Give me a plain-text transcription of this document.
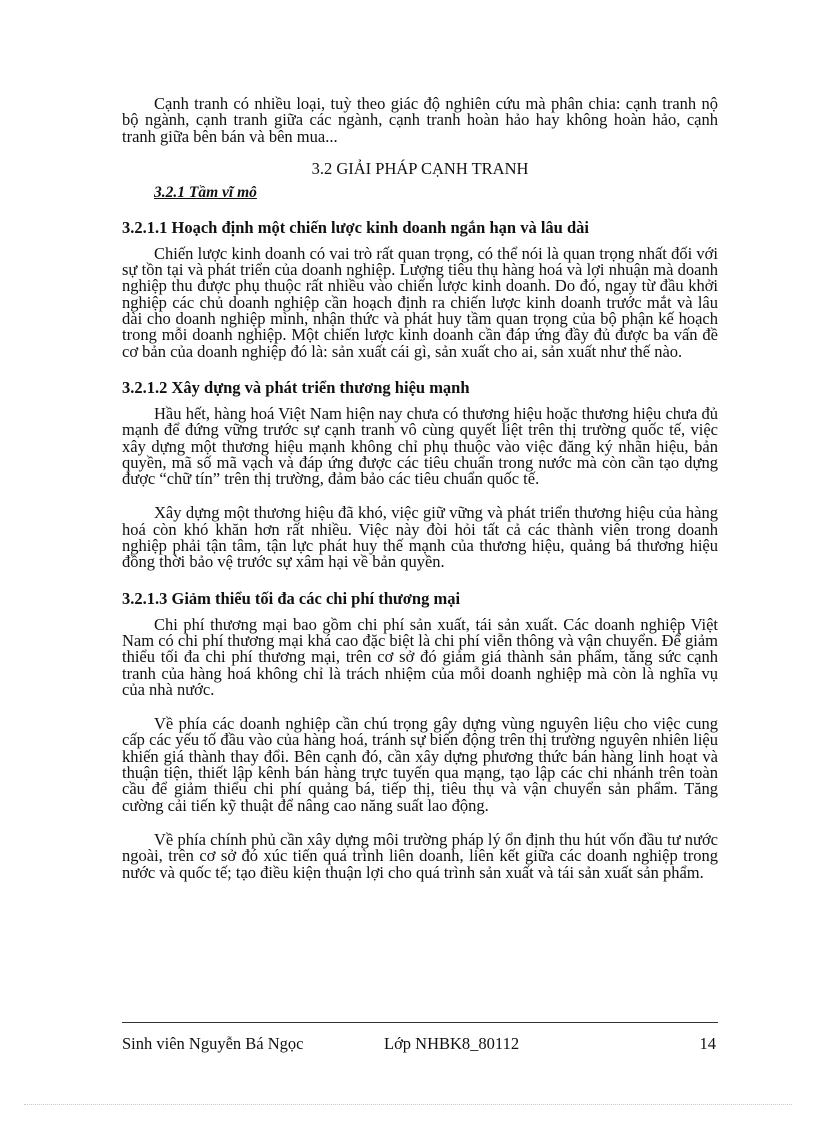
Cạnh tranh có nhiều loại, tuỳ theo giác độ nghiên cứu mà phân chia: cạnh tranh nộ bộ ngành, cạnh tranh giữa các ngành, cạnh tranh hoàn hảo hay không hoàn hảo, cạnh tranh giữa bên bán và bên mua...

3.2 GIẢI PHÁP CẠNH TRANH
3.2.1 Tầm vĩ mô
3.2.1.1 Hoạch định một chiến lược kinh doanh ngắn hạn và lâu dài

Chiến lược kinh doanh có vai trò rất quan trọng, có thể nói là quan trọng nhất đối với sự tồn tại và phát triển của doanh nghiệp. Lượng tiêu thụ hàng hoá và lợi nhuận mà doanh nghiệp thu được phụ thuộc rất nhiều vào chiến lược kinh doanh. Do đó, ngay từ đầu khởi nghiệp các chủ doanh nghiệp cần hoạch định ra chiến lược kinh doanh trước mắt và lâu dài cho doanh nghiệp mình, nhận thức và phát huy tầm quan trọng của bộ phận kế hoạch trong mỗi doanh nghiệp. Một chiến lược kinh doanh cần đáp ứng đầy đủ được ba vấn đề cơ bản của doanh nghiệp đó là: sản xuất cái gì, sản xuất cho ai, sản xuất như thế nào.

3.2.1.2 Xây dựng và phát triển thương hiệu mạnh

Hầu hết, hàng hoá Việt Nam hiện nay chưa có thương hiệu hoặc thương hiệu chưa đủ mạnh để đứng vững trước sự cạnh tranh vô cùng quyết liệt trên thị trường quốc tế, việc xây dựng một thương hiệu mạnh không chỉ phụ thuộc vào việc đăng ký nhãn hiệu, bản quyền, mã số mã vạch và đáp ứng được các tiêu chuẩn trong nước mà còn cần tạo dựng được “chữ tín” trên thị trường, đảm bảo các tiêu chuẩn quốc tế.

Xây dựng một thương hiệu đã khó, việc giữ vững và phát triển thương hiệu của hàng hoá còn khó khăn hơn rất nhiều. Việc này đòi hỏi tất cả các thành viên trong doanh nghiệp phải tận tâm, tận lực phát huy thế mạnh của thương hiệu, quảng bá thương hiệu đồng thời bảo vệ trước sự xâm hại về bản quyền.

3.2.1.3 Giảm thiểu tối đa các chi phí thương mại

Chi phí thương mại bao gồm chi phí sản xuất, tái sản xuất. Các doanh nghiệp Việt Nam có chi phí thương mại khá cao đặc biệt là chi phí viễn thông và vận chuyển. Để giảm thiểu tối đa chi phí thương mại, trên cơ sở đó giảm giá thành sản phẩm, tăng sức cạnh tranh của hàng hoá không chỉ là trách nhiệm của mỗi doanh nghiệp mà còn là nghĩa vụ của nhà nước.

Về phía các doanh nghiệp cần chú trọng gây dựng vùng nguyên liệu cho việc cung cấp các yếu tố đầu vào của hàng hoá, tránh sự biến động trên thị trường nguyên nhiên liệu khiến giá thành thay đổi. Bên cạnh đó, cần xây dựng phương thức bán hàng linh hoạt và thuận tiện, thiết lập kênh bán hàng trực tuyến qua mạng, tạo lập các chi nhánh trên toàn cầu để giảm thiểu chi phí quảng bá, tiếp thị, tiêu thụ và vận chuyển sản phẩm. Tăng cường cải tiến kỹ thuật để nâng cao năng suất lao động.

Về phía chính phủ cần xây dựng môi trường pháp lý ổn định thu hút vốn đầu tư nước ngoài, trên cơ sở đó xúc tiến quá trình liên doanh, liên kết giữa các doanh nghiệp trong nước và quốc tế; tạo điều kiện thuận lợi cho quá trình sản xuất và tái sản xuất sản phẩm.

Sinh viên Nguyễn Bá Ngọc	Lớp NHBK8_80112	14
